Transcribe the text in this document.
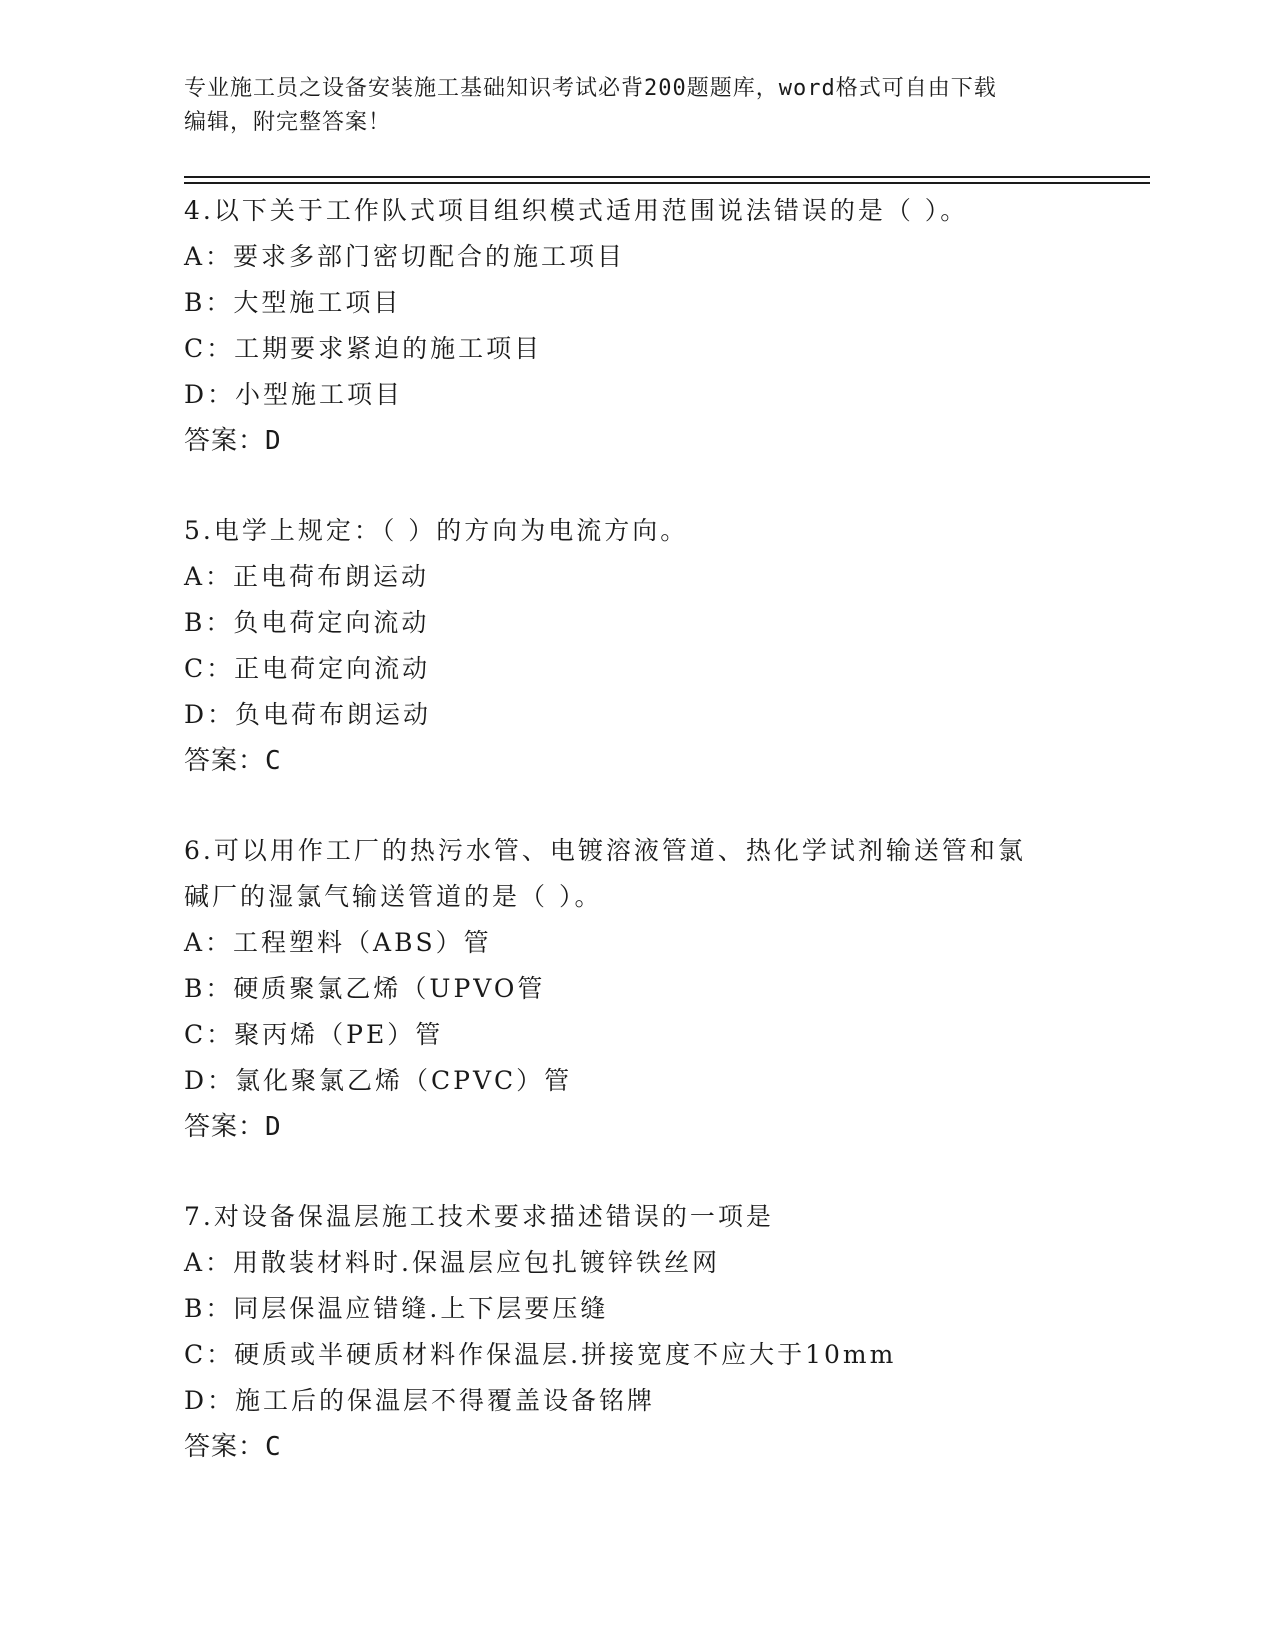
专业施工员之设备安装施工基础知识考试必背200题题库，word格式可自由下载
编辑，附完整答案！
4.以下关于工作队式项目组织模式适用范围说法错误的是（ ）。
A：要求多部门密切配合的施工项目
B：大型施工项目
C：工期要求紧迫的施工项目
D：小型施工项目
答案：D
5.电学上规定：（ ）的方向为电流方向。
A：正电荷布朗运动
B：负电荷定向流动
C：正电荷定向流动
D：负电荷布朗运动
答案：C
6.可以用作工厂的热污水管、电镀溶液管道、热化学试剂输送管和氯
碱厂的湿氯气输送管道的是（ ）。
A：工程塑料（ABS）管
B：硬质聚氯乙烯（UPVO管
C：聚丙烯（PE）管
D：氯化聚氯乙烯（CPVC）管
答案：D
7.对设备保温层施工技术要求描述错误的一项是
A：用散装材料时.保温层应包扎镀锌铁丝网
B：同层保温应错缝.上下层要压缝
C：硬质或半硬质材料作保温层.拼接宽度不应大于10mm
D：施工后的保温层不得覆盖设备铭牌
答案：C
